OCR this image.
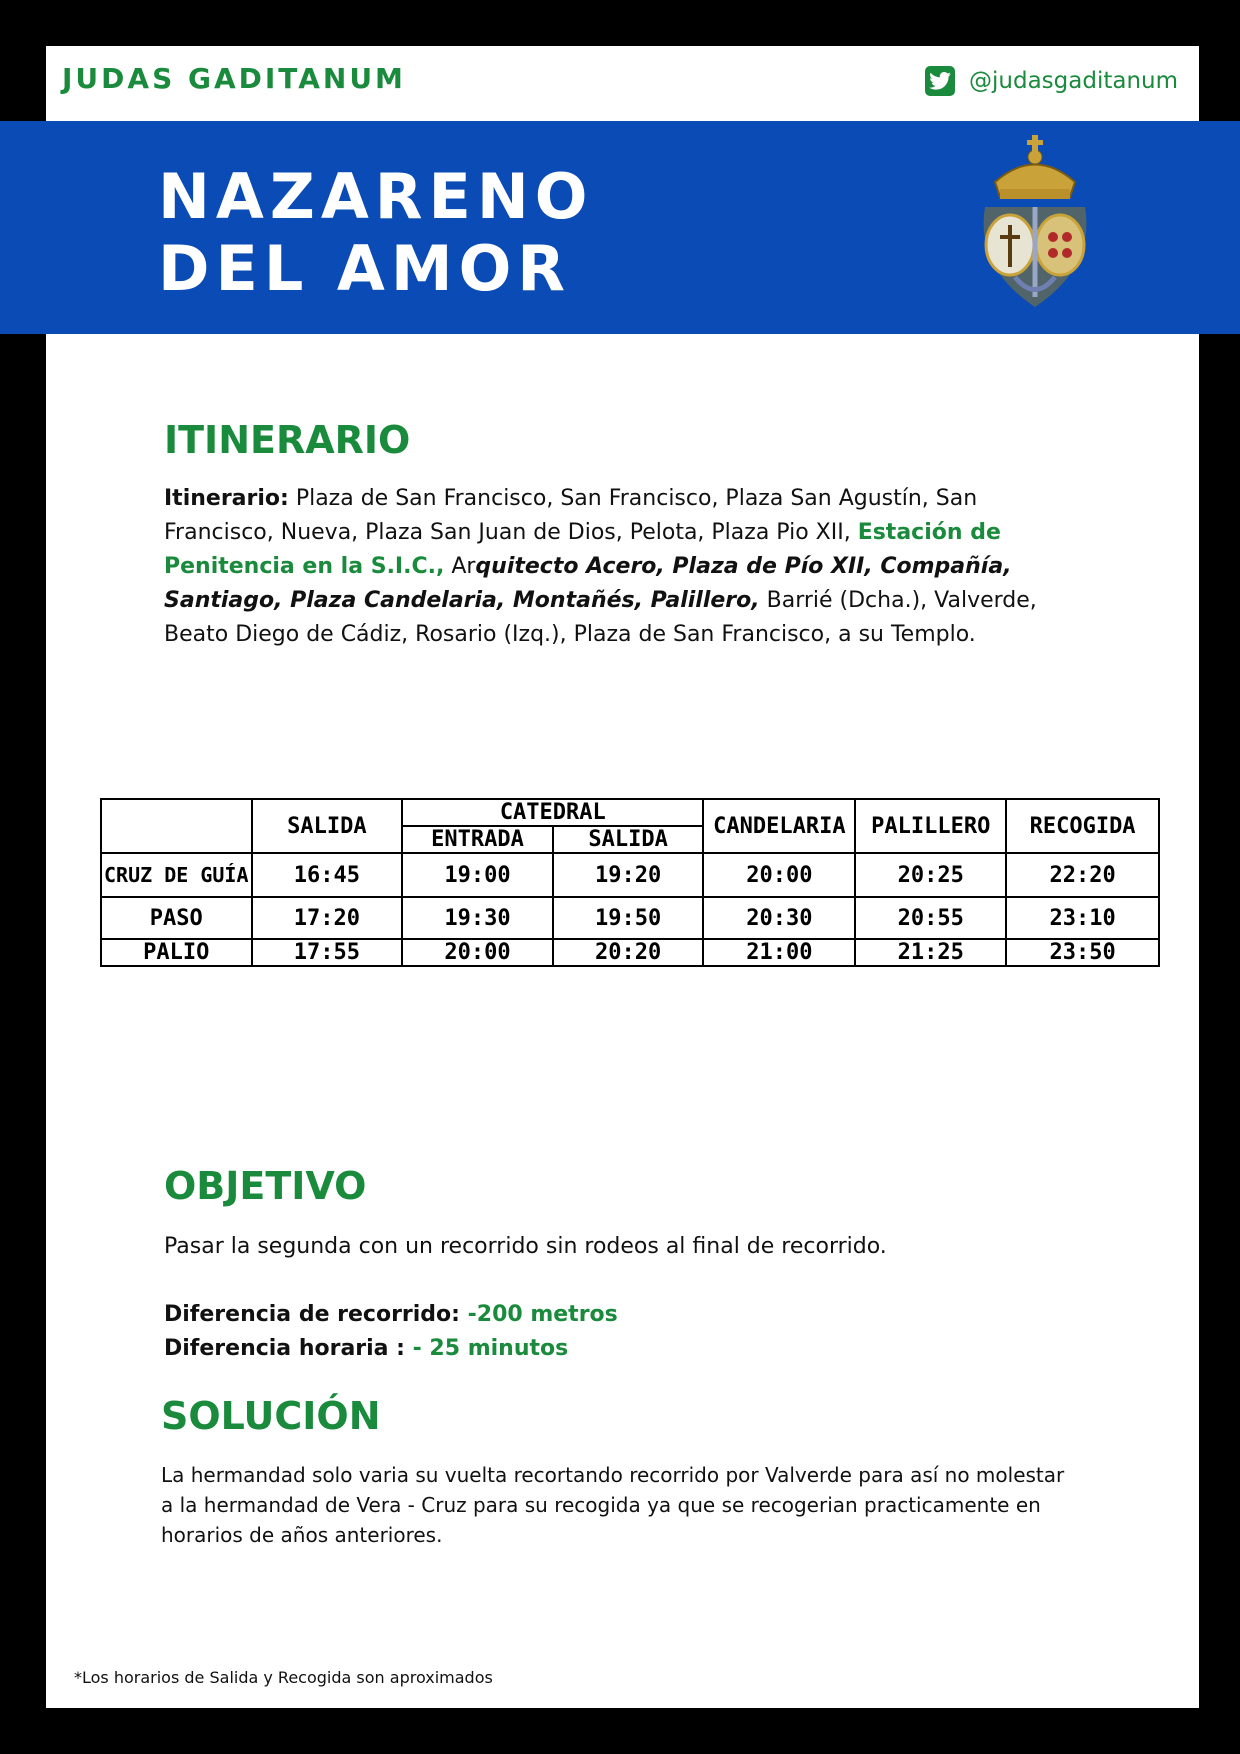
JUDAS GADITANUM	@judasgaditanum
NAZARENO
DEL AMOR
ITINERARIO
Itinerario: Plaza de San Francisco, San Francisco, Plaza San Agustín, San Francisco, Nueva, Plaza San Juan de Dios, Pelota, Plaza Pio XII, Estación de Penitencia en la S.I.C., Arquitecto Acero, Plaza de Pío XII, Compañía, Santiago, Plaza Candelaria, Montañés, Palillero, Barrié (Dcha.), Valverde, Beato Diego de Cádiz, Rosario (Izq.), Plaza de San Francisco, a su Templo.
	SALIDA	CATEDRAL		CANDELARIA	PALILLERO	RECOGIDA
		ENTRADA	SALIDA			
CRUZ DE GUÍA	16:45	19:00	19:20	20:00	20:25	22:20
PASO	17:20	19:30	19:50	20:30	20:55	23:10
PALIO	17:55	20:00	20:20	21:00	21:25	23:50
OBJETIVO
Pasar la segunda con un recorrido sin rodeos al final de recorrido.
Diferencia de recorrido: -200 metros
Diferencia horaria : - 25 minutos
SOLUCIÓN
La hermandad solo varia su vuelta recortando recorrido por Valverde para así no molestar a la hermandad de Vera - Cruz para su recogida ya que se recogerian practicamente en horarios de años anteriores.
*Los horarios de Salida y Recogida son aproximados
